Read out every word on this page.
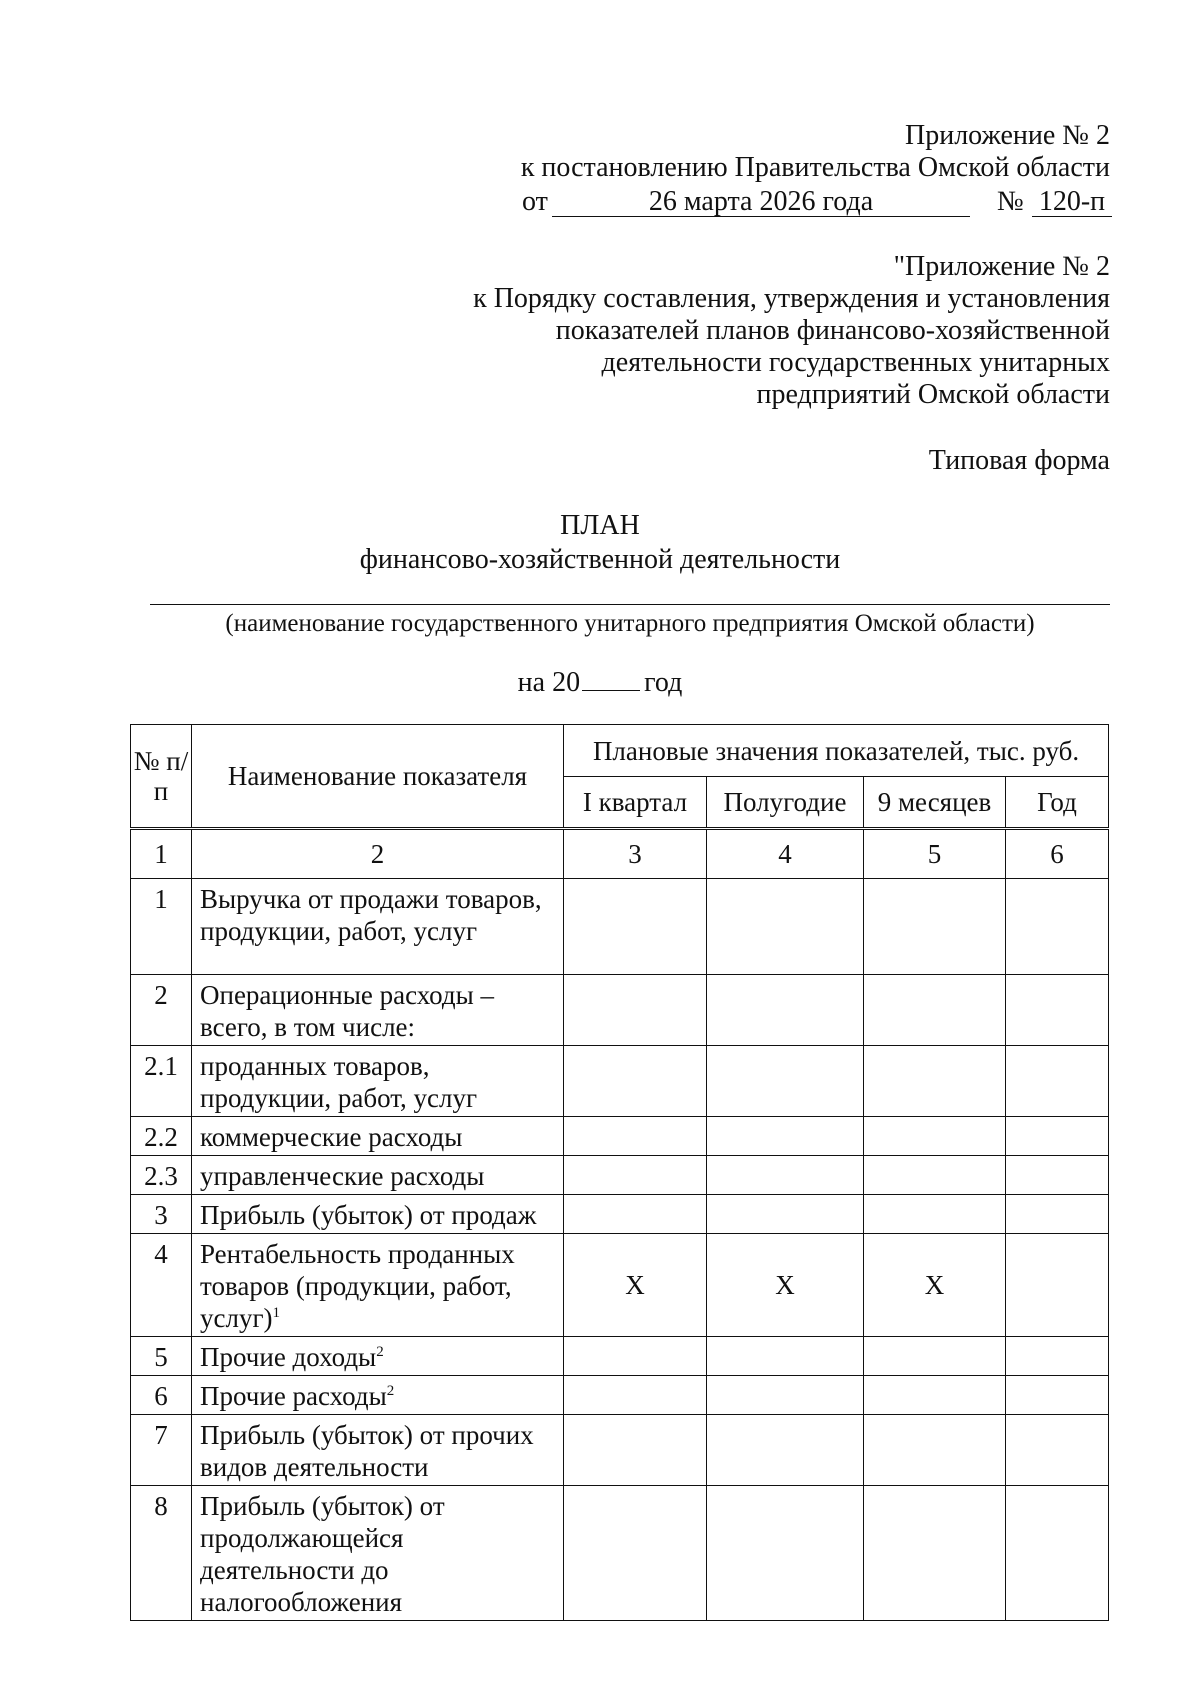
Приложение № 2
к постановлению Правительства Омской области
от	26 марта 2026 года	№ 120-п
"Приложение № 2
к Порядку составления, утверждения и установления
показателей планов финансово-хозяйственной
деятельности государственных унитарных
предприятий Омской области
Типовая форма
ПЛАН
финансово-хозяйственной деятельности
(наименование государственного унитарного предприятия Омской области)
на 20 год
№ п/п	Наименование показателя	Плановые значения показателей, тыс. руб.			
		I квартал	Полугодие	9 месяцев	Год
1	2	3	4	5	6
1	Выручка от продажи товаров, продукции, работ, услуг				
2	Операционные расходы – всего, в том числе:				
2.1	проданных товаров, продукции, работ, услуг				
2.2	коммерческие расходы				
2.3	управленческие расходы				
3	Прибыль (убыток) от продаж				
4	Рентабельность проданных товаров (продукции, работ, услуг)$^1$	X	X	X	
5	Прочие доходы$^2$				
6	Прочие расходы$^2$				
7	Прибыль (убыток) от прочих видов деятельности				
8	Прибыль (убыток) от продолжающейся деятельности до налогообложения				
